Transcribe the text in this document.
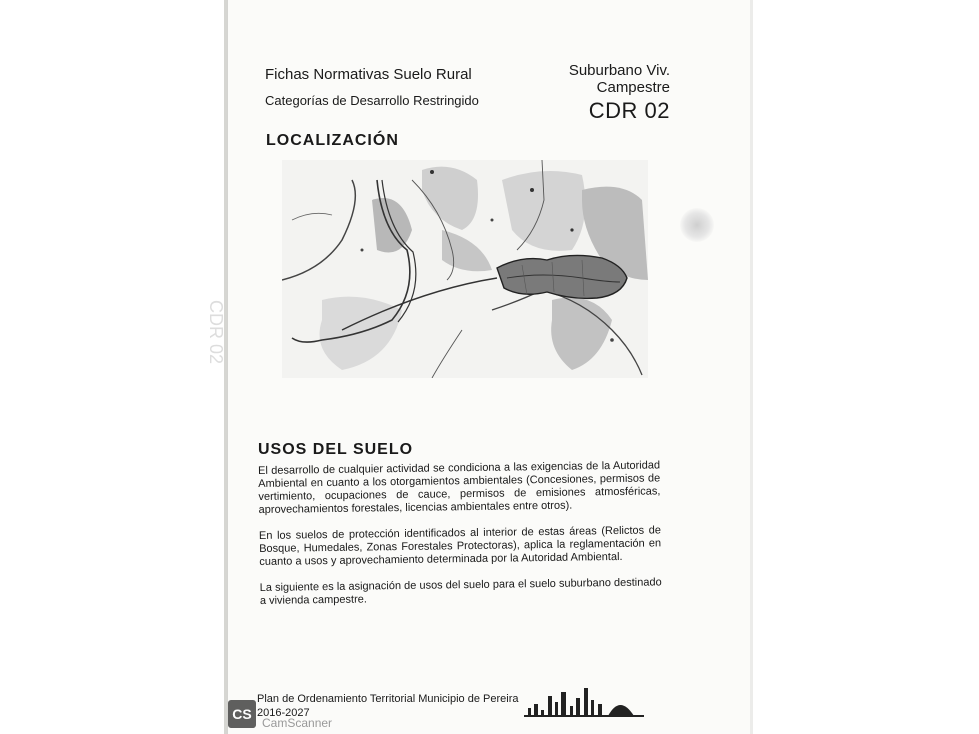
CDR 02
Fichas Normativas Suelo Rural
Categorías de Desarrollo Restringido
Suburbano Viv. Campestre
CDR 02
LOCALIZACIÓN
USOS DEL SUELO

El desarrollo de cualquier actividad se condiciona a las exigencias de la Autoridad Ambiental en cuanto a los otorgamientos ambientales (Concesiones, permisos de vertimiento, ocupaciones de cauce, permisos de emisiones atmosféricas, aprovechamientos forestales, licencias ambientales entre otros).

En los suelos de protección identificados al interior de estas áreas (Relictos de Bosque, Humedales, Zonas Forestales Protectoras), aplica la reglamentación en cuanto a usos y aprovechamiento determinada por la Autoridad Ambiental.

La siguiente es la asignación de usos del suelo para el suelo suburbano destinado a vivienda campestre.

Plan de Ordenamiento Territorial Municipio de Pereira
2016-2027
CS
CamScanner
